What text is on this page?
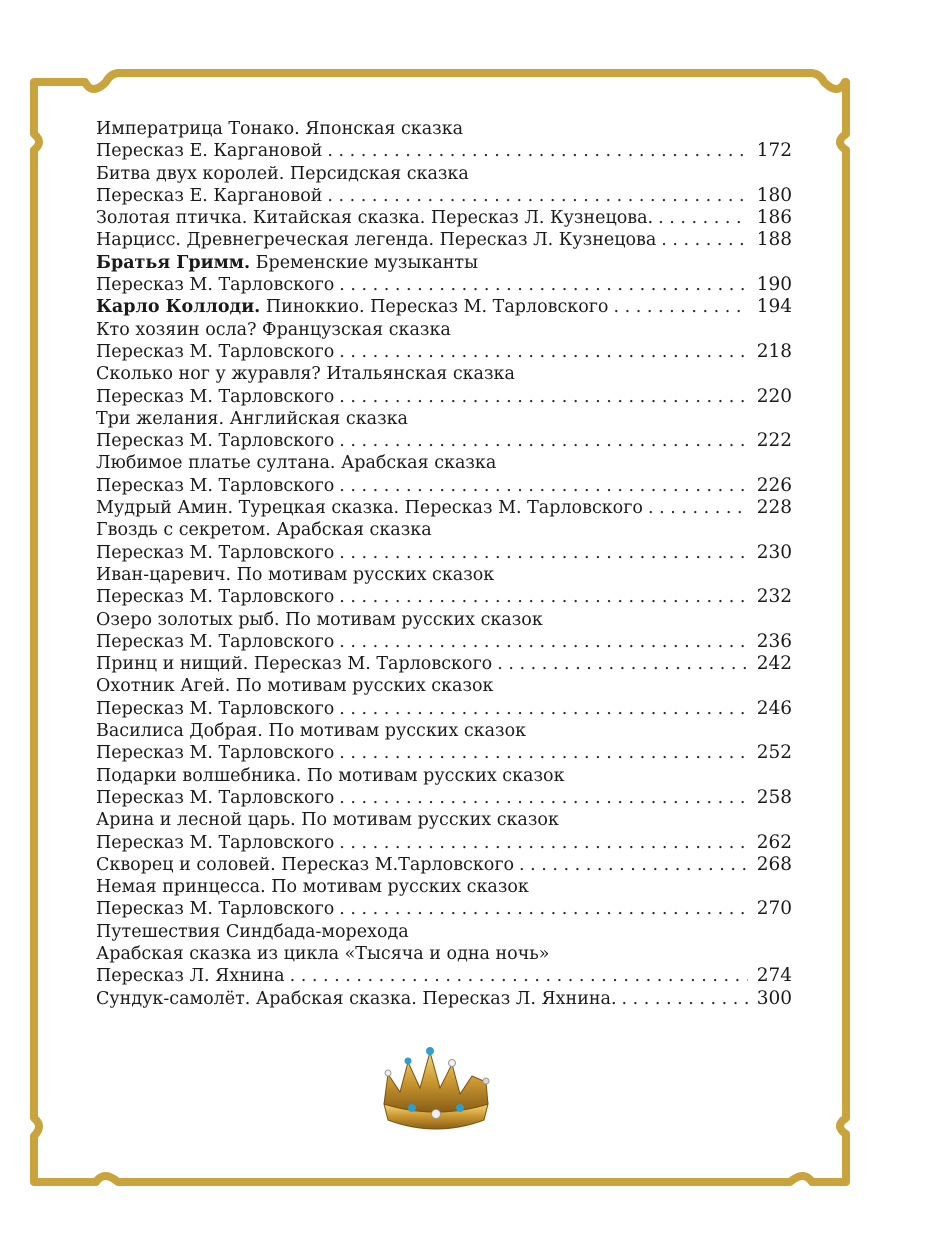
Императрица Тонако. Японская сказка
Пересказ Е. Каргановой . . .	172
Битва двух королей. Персидская сказка
Пересказ Е. Каргановой . . .	180
Золотая птичка. Китайская сказка. Пересказ Л. Кузнецова. . . .	186
Нарцисс. Древнегреческая легенда. Пересказ Л. Кузнецова . . .	188
Братья Гримм. Бременские музыканты
Пересказ М. Тарловского . . .	190
Карло Коллоди. Пиноккио. Пересказ М. Тарловского . . .	194
Кто хозяин осла? Французская сказка
Пересказ М. Тарловского . . .	218
Сколько ног у журавля? Итальянская сказка
Пересказ М. Тарловского . . .	220
Три желания. Английская сказка
Пересказ М. Тарловского . . .	222
Любимое платье султана. Арабская сказка
Пересказ М. Тарловского . . .	226
Мудрый Амин. Турецкая сказка. Пересказ М. Тарловского . . .	228
Гвоздь с секретом. Арабская сказка
Пересказ М. Тарловского . . .	230
Иван-царевич. По мотивам русских сказок
Пересказ М. Тарловского . . .	232
Озеро золотых рыб. По мотивам русских сказок
Пересказ М. Тарловского . . .	236
Принц и нищий. Пересказ М. Тарловского . . .	242
Охотник Агей. По мотивам русских сказок
Пересказ М. Тарловского . . .	246
Василиса Добрая. По мотивам русских сказок
Пересказ М. Тарловского . . .	252
Подарки волшебника. По мотивам русских сказок
Пересказ М. Тарловского . . .	258
Арина и лесной царь. По мотивам русских сказок
Пересказ М. Тарловского . . .	262
Скворец и соловей. Пересказ М.Тарловского . . .	268
Немая принцесса. По мотивам русских сказок
Пересказ М. Тарловского . . .	270
Путешествия Синдбада-морехода
Арабская сказка из цикла «Тысяча и одна ночь»
Пересказ Л. Яхнина . . .	274
Сундук-самолёт. Арабская сказка. Пересказ Л. Яхнина. . . .	300
